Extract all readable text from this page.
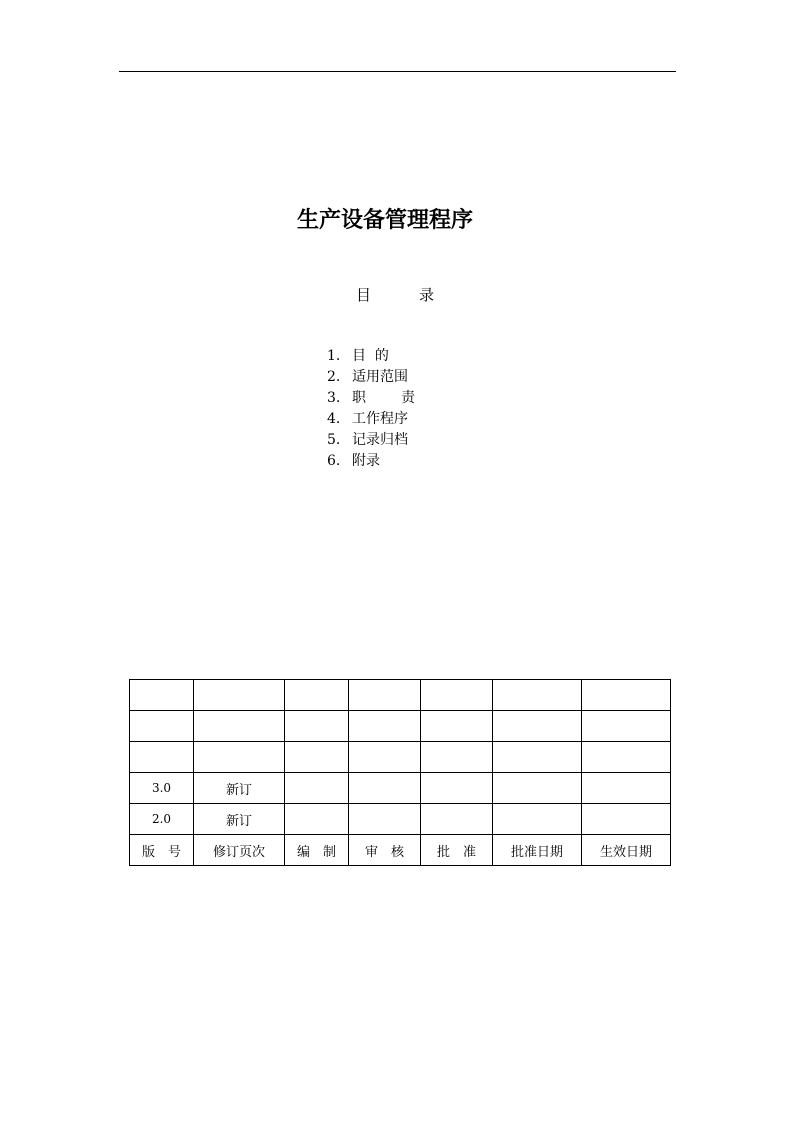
生产设备管理程序
目	录
1. 目  的
2. 适用范围
3. 职	责
4. 工作程序
5. 记录归档
6. 附录

3.0	新订					
2.0	新订					
版　号	修订页次	编　制	审　核	批　准	批准日期	生效日期
